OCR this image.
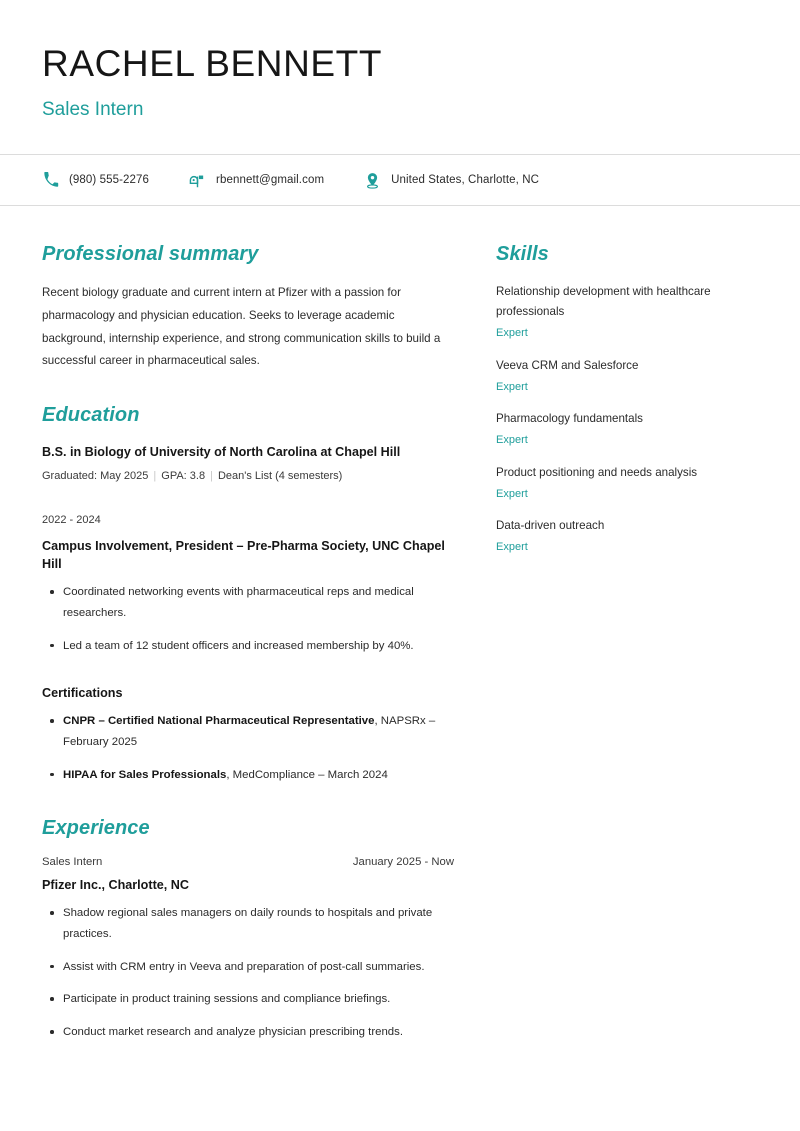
RACHEL BENNETT
Sales Intern
(980) 555-2276	rbennett@gmail.com	United States, Charlotte, NC
Professional summary

Recent biology graduate and current intern at Pfizer with a passion for pharmacology and physician education. Seeks to leverage academic background, internship experience, and strong communication skills to build a successful career in pharmaceutical sales.

Education
B.S. in Biology of University of North Carolina at Chapel Hill
Graduated: May 2025 | GPA: 3.8 | Dean's List (4 semesters)
2022 - 2024
Campus Involvement, President – Pre-Pharma Society, UNC Chapel Hill
Coordinated networking events with pharmaceutical reps and medical researchers.
Led a team of 12 student officers and increased membership by 40%.
Certifications
CNPR – Certified National Pharmaceutical Representative, NAPSRx – February 2025
HIPAA for Sales Professionals, MedCompliance – March 2024
Experience
Sales Intern	January 2025 - Now
Pfizer Inc., Charlotte, NC
Shadow regional sales managers on daily rounds to hospitals and private practices.
Assist with CRM entry in Veeva and preparation of post-call summaries.
Participate in product training sessions and compliance briefings.
Conduct market research and analyze physician prescribing trends.
Skills
Relationship development with healthcare professionals
Expert
Veeva CRM and Salesforce
Expert
Pharmacology fundamentals
Expert
Product positioning and needs analysis
Expert
Data-driven outreach
Expert
